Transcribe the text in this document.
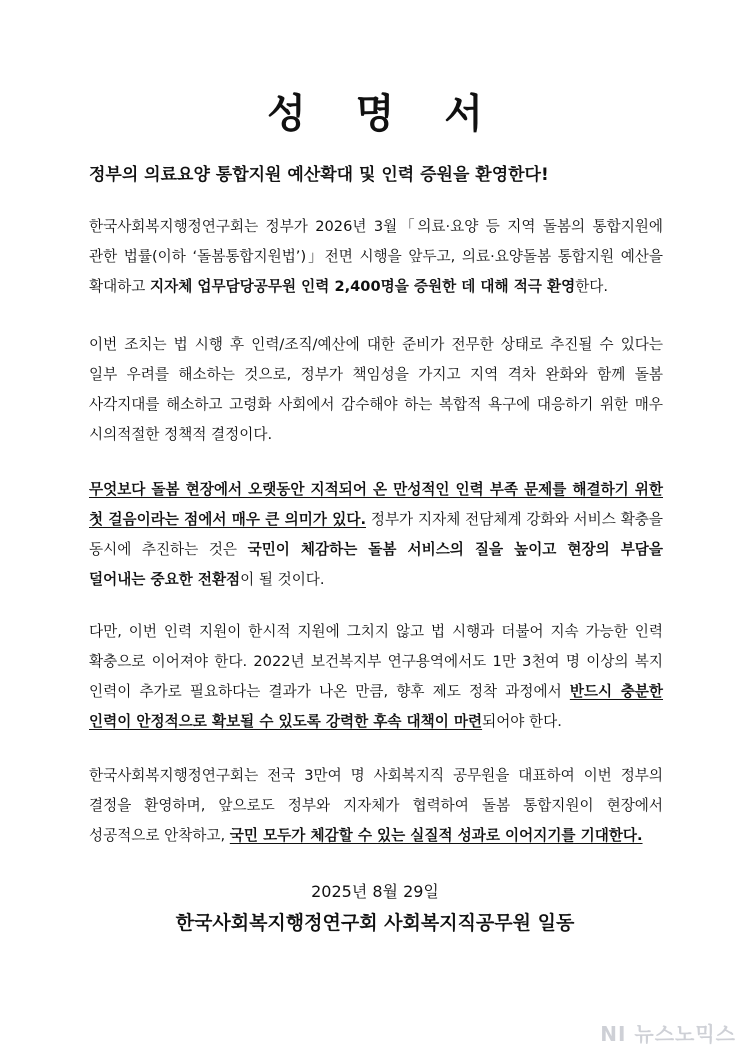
성 명 서
정부의 의료요양 통합지원 예산확대 및 인력 증원을 환영한다!
한국사회복지행정연구회는 정부가 2026년 3월「의료·요양 등 지역 돌봄의 통합지원에 관한 법률(이하 ‘돌봄통합지원법’)」전면 시행을 앞두고, 의료·요양돌봄 통합지원 예산을 확대하고 지자체 업무담당공무원 인력 2,400명을 증원한 데 대해 적극 환영한다.
이번 조치는 법 시행 후 인력/조직/예산에 대한 준비가 전무한 상태로 추진될 수 있다는 일부 우려를 해소하는 것으로, 정부가 책임성을 가지고 지역 격차 완화와 함께 돌봄 사각지대를 해소하고 고령화 사회에서 감수해야 하는 복합적 욕구에 대응하기 위한 매우 시의적절한 정책적 결정이다.
무엇보다 돌봄 현장에서 오랫동안 지적되어 온 만성적인 인력 부족 문제를 해결하기 위한 첫 걸음이라는 점에서 매우 큰 의미가 있다. 정부가 지자체 전담체계 강화와 서비스 확충을 동시에 추진하는 것은 국민이 체감하는 돌봄 서비스의 질을 높이고 현장의 부담을 덜어내는 중요한 전환점이 될 것이다.
다만, 이번 인력 지원이 한시적 지원에 그치지 않고 법 시행과 더불어 지속 가능한 인력 확충으로 이어져야 한다. 2022년 보건복지부 연구용역에서도 1만 3천여 명 이상의 복지 인력이 추가로 필요하다는 결과가 나온 만큼, 향후 제도 정착 과정에서 반드시 충분한 인력이 안정적으로 확보될 수 있도록 강력한 후속 대책이 마련되어야 한다.
한국사회복지행정연구회는 전국 3만여 명 사회복지직 공무원을 대표하여 이번 정부의 결정을 환영하며, 앞으로도 정부와 지자체가 협력하여 돌봄 통합지원이 현장에서 성공적으로 안착하고, 국민 모두가 체감할 수 있는 실질적 성과로 이어지기를 기대한다.
2025년 8월 29일
한국사회복지행정연구회 사회복지직공무원 일동
NI 뉴스노믹스
